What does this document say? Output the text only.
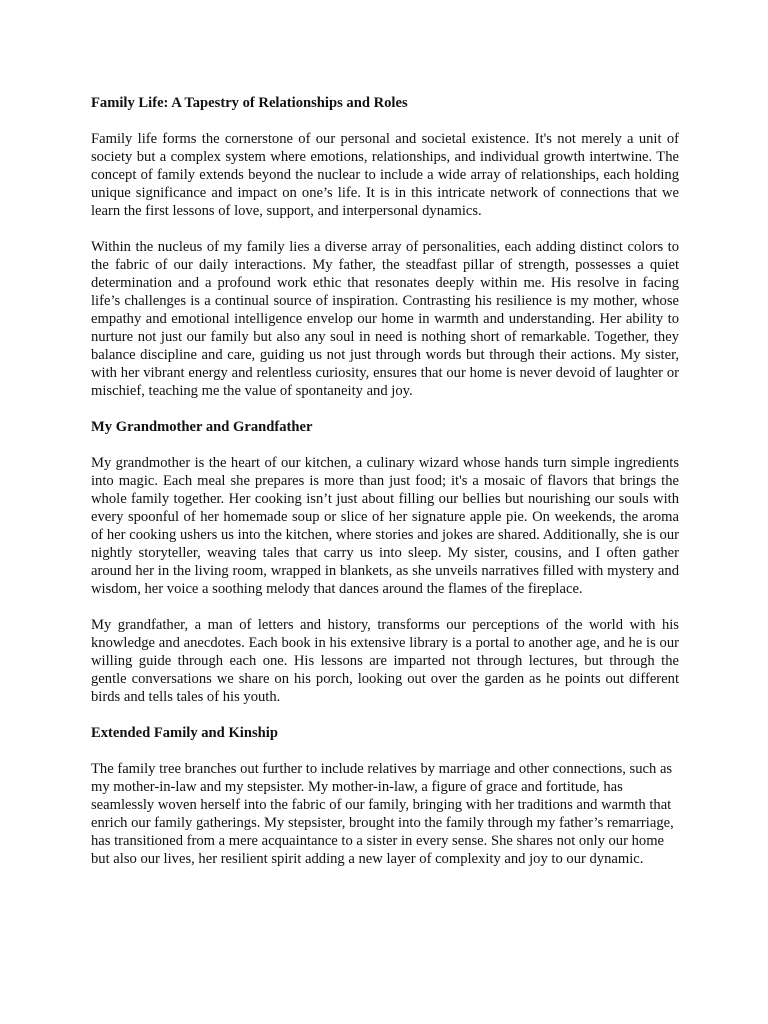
Family Life: A Tapestry of Relationships and Roles
Family life forms the cornerstone of our personal and societal existence. It's not merely a unit of society but a complex system where emotions, relationships, and individual growth intertwine. The concept of family extends beyond the nuclear to include a wide array of relationships, each holding unique significance and impact on one’s life. It is in this intricate network of connections that we learn the first lessons of love, support, and interpersonal dynamics.
Within the nucleus of my family lies a diverse array of personalities, each adding distinct colors to the fabric of our daily interactions. My father, the steadfast pillar of strength, possesses a quiet determination and a profound work ethic that resonates deeply within me. His resolve in facing life’s challenges is a continual source of inspiration. Contrasting his resilience is my mother, whose empathy and emotional intelligence envelop our home in warmth and understanding. Her ability to nurture not just our family but also any soul in need is nothing short of remarkable. Together, they balance discipline and care, guiding us not just through words but through their actions. My sister, with her vibrant energy and relentless curiosity, ensures that our home is never devoid of laughter or mischief, teaching me the value of spontaneity and joy.
My Grandmother and Grandfather
My grandmother is the heart of our kitchen, a culinary wizard whose hands turn simple ingredients into magic. Each meal she prepares is more than just food; it's a mosaic of flavors that brings the whole family together. Her cooking isn’t just about filling our bellies but nourishing our souls with every spoonful of her homemade soup or slice of her signature apple pie. On weekends, the aroma of her cooking ushers us into the kitchen, where stories and jokes are shared. Additionally, she is our nightly storyteller, weaving tales that carry us into sleep. My sister, cousins, and I often gather around her in the living room, wrapped in blankets, as she unveils narratives filled with mystery and wisdom, her voice a soothing melody that dances around the flames of the fireplace.
My grandfather, a man of letters and history, transforms our perceptions of the world with his knowledge and anecdotes. Each book in his extensive library is a portal to another age, and he is our willing guide through each one. His lessons are imparted not through lectures, but through the gentle conversations we share on his porch, looking out over the garden as he points out different birds and tells tales of his youth.
Extended Family and Kinship
The family tree branches out further to include relatives by marriage and other connections, such as my mother-in-law and my stepsister. My mother-in-law, a figure of grace and fortitude, has seamlessly woven herself into the fabric of our family, bringing with her traditions and warmth that enrich our family gatherings. My stepsister, brought into the family through my father’s remarriage, has transitioned from a mere acquaintance to a sister in every sense. She shares not only our home but also our lives, her resilient spirit adding a new layer of complexity and joy to our dynamic.
